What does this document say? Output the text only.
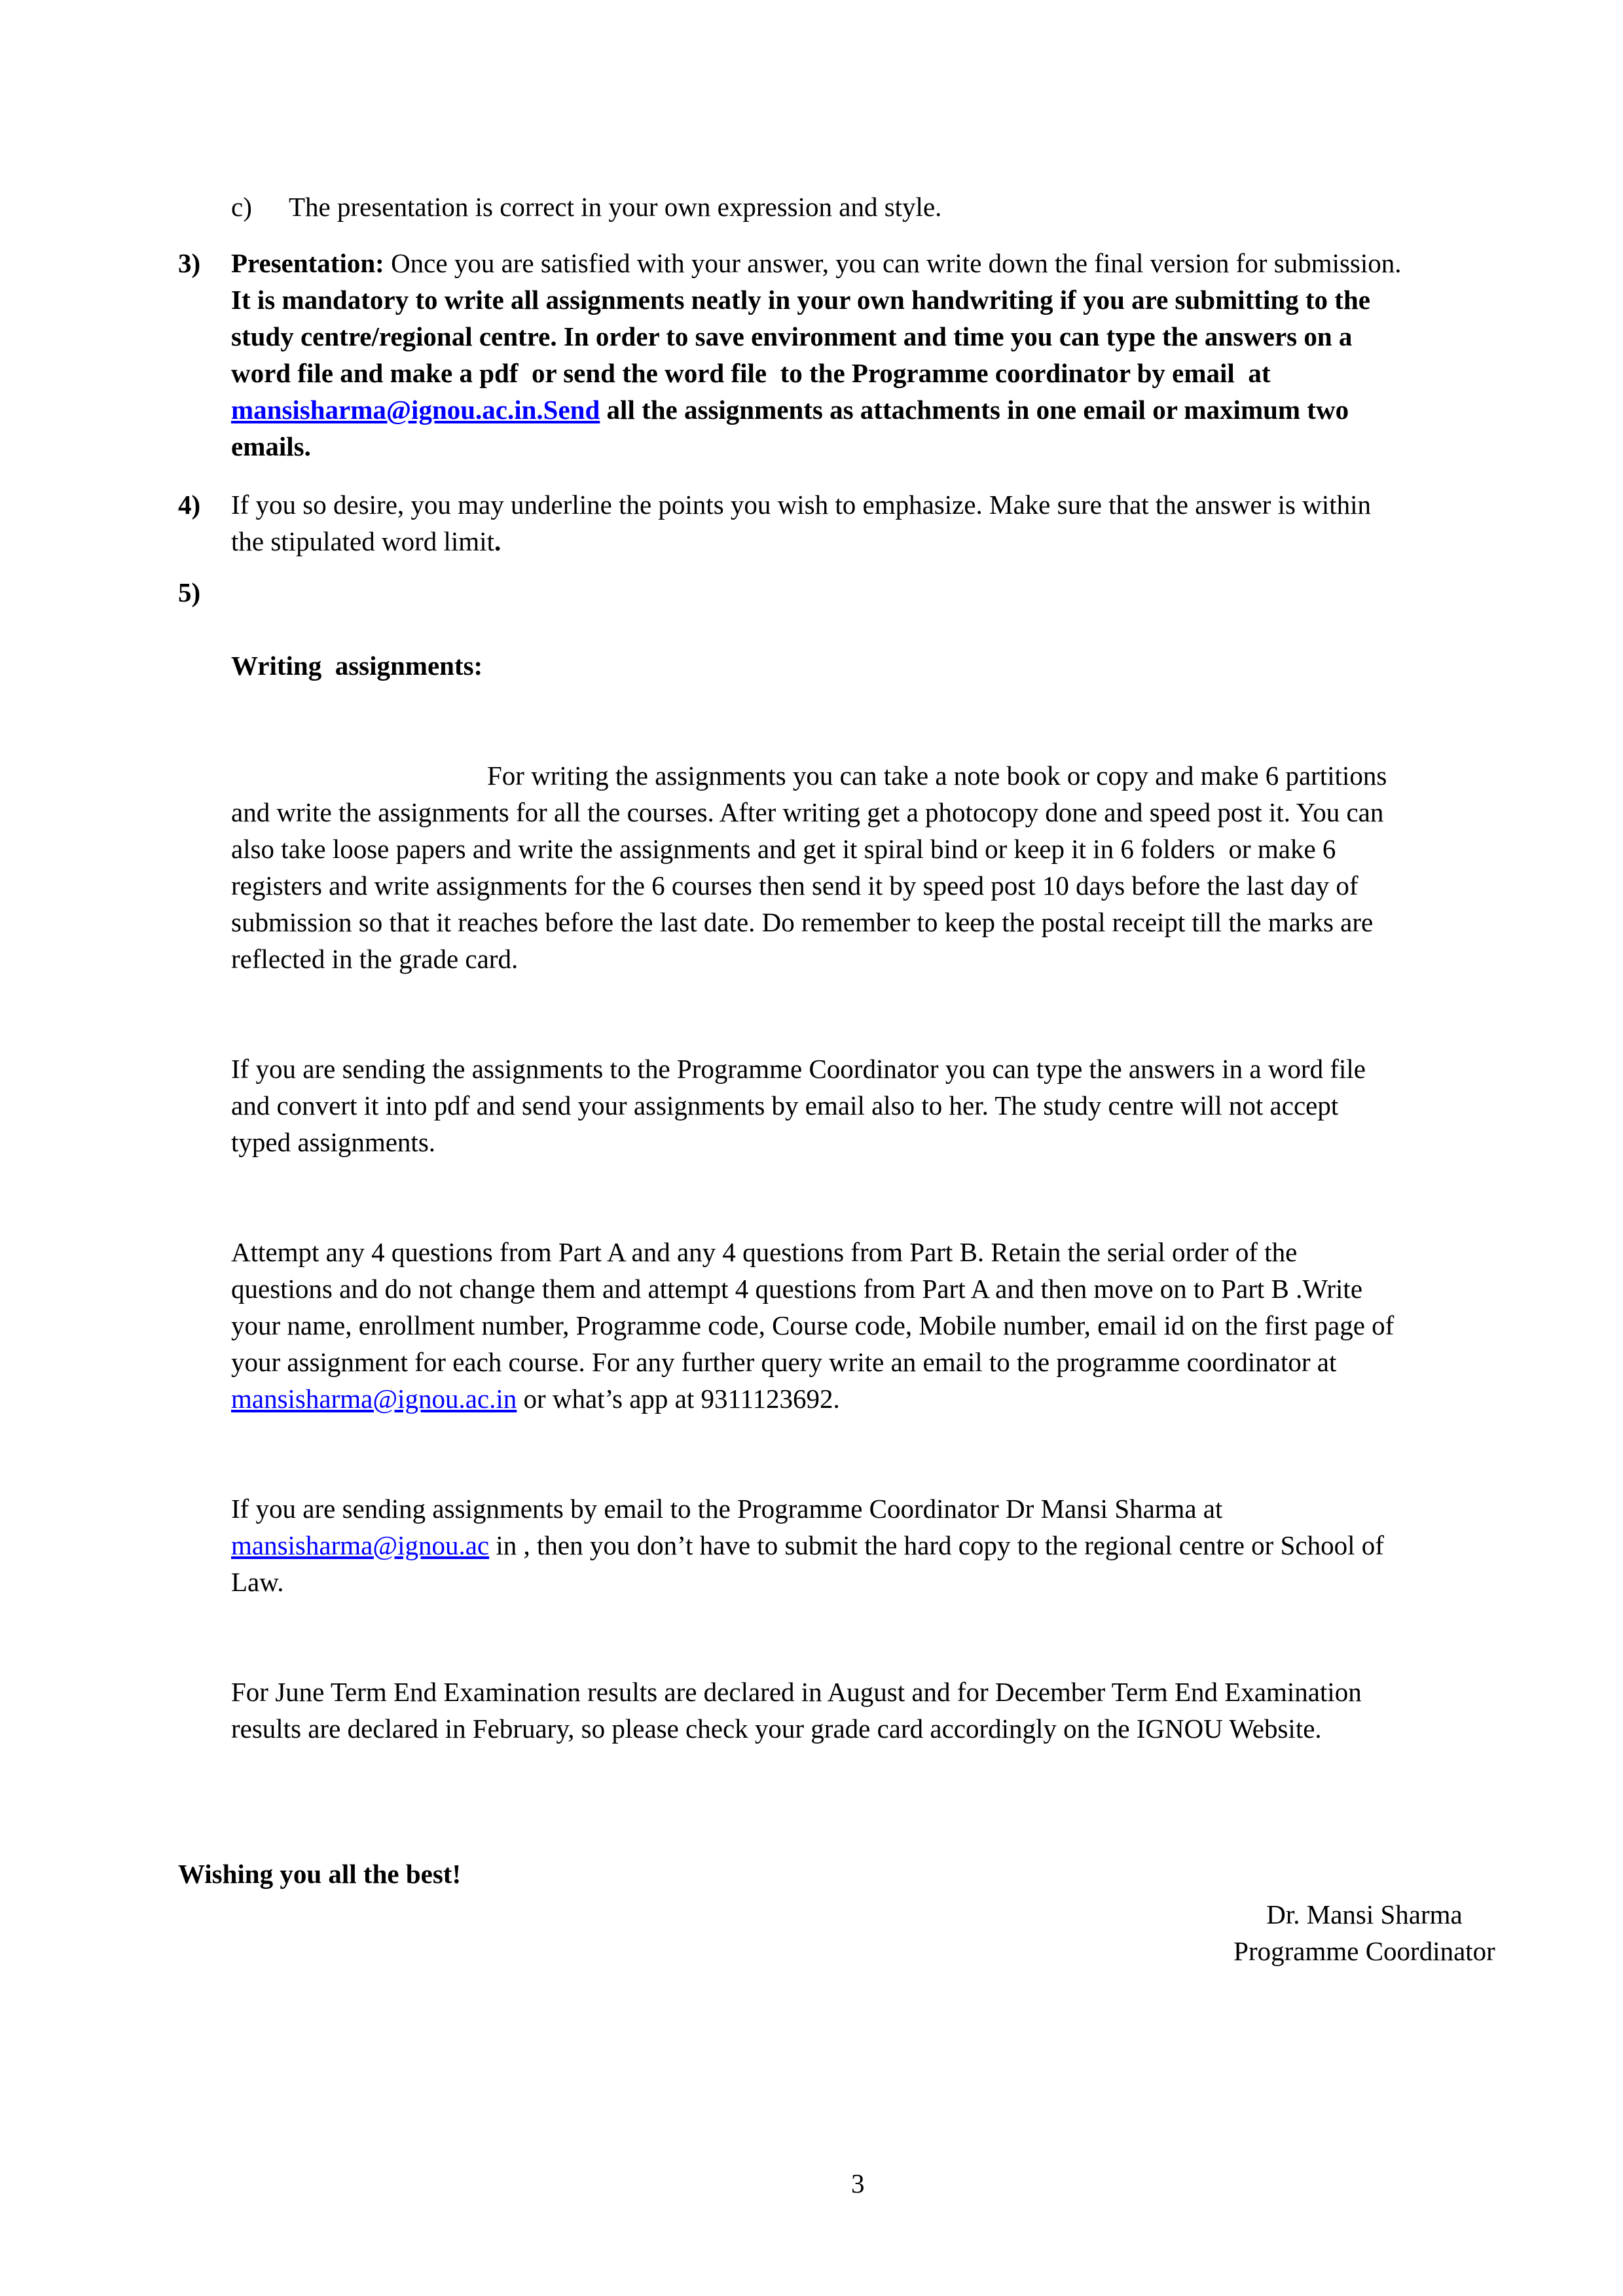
c)	The presentation is correct in your own expression and style.
3)	Presentation: Once you are satisfied with your answer, you can write down the final version for submission. It is mandatory to write all assignments neatly in your own handwriting if you are submitting to the study centre/regional centre. In order to save environment and time you can type the answers on a word file and make a pdf  or send the word file  to the Programme coordinator by email  at mansisharma@ignou.ac.in.Send all the assignments as attachments in one email or maximum two emails.
4)	If you so desire, you may underline the points you wish to emphasize. Make sure that the answer is within the stipulated word limit.
5)

Writing  assignments:

For writing the assignments you can take a note book or copy and make 6 partitions and write the assignments for all the courses. After writing get a photocopy done and speed post it. You can also take loose papers and write the assignments and get it spiral bind or keep it in 6 folders  or make 6 registers and write assignments for the 6 courses then send it by speed post 10 days before the last day of submission so that it reaches before the last date. Do remember to keep the postal receipt till the marks are reflected in the grade card.

If you are sending the assignments to the Programme Coordinator you can type the answers in a word file and convert it into pdf and send your assignments by email also to her. The study centre will not accept typed assignments.

Attempt any 4 questions from Part A and any 4 questions from Part B. Retain the serial order of the questions and do not change them and attempt 4 questions from Part A and then move on to Part B .Write your name, enrollment number, Programme code, Course code, Mobile number, email id on the first page of your assignment for each course. For any further query write an email to the programme coordinator at mansisharma@ignou.ac.in or what’s app at 9311123692.

If you are sending assignments by email to the Programme Coordinator Dr Mansi Sharma at mansisharma@ignou.ac in , then you don’t have to submit the hard copy to the regional centre or School of Law.

For June Term End Examination results are declared in August and for December Term End Examination results are declared in February, so please check your grade card accordingly on the IGNOU Website.

Wishing you all the best!
Dr. Mansi Sharma
Programme Coordinator
3
